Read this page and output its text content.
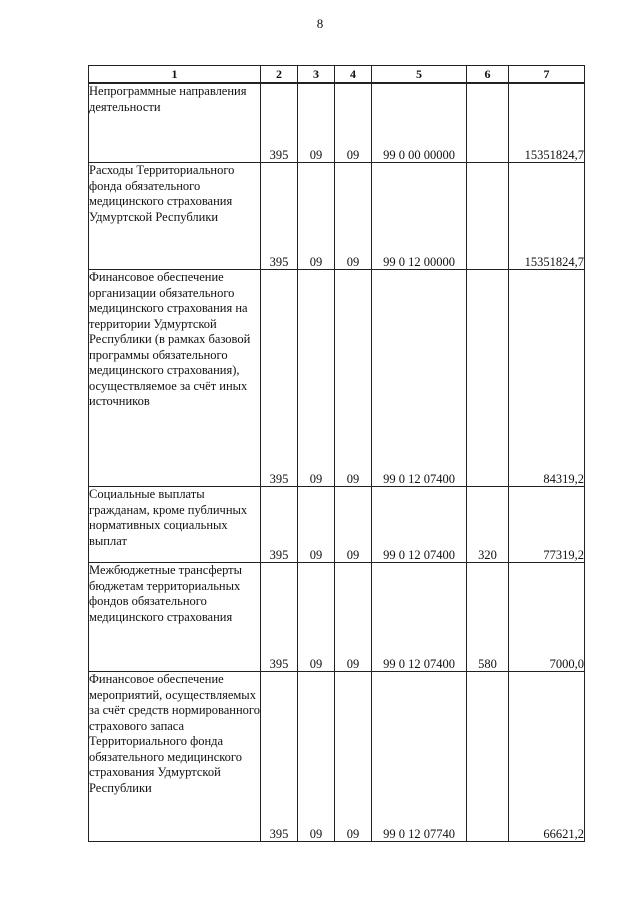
8
1	2	3	4	5	6	7
Непрограммные направления деятельности	395	09	09	99 0 00 00000		15351824,7
Расходы Территориального фонда обязательного медицинского страхования Удмуртской Республики	395	09	09	99 0 12 00000		15351824,7
Финансовое обеспечение организации обязательного медицинского страхования на территории Удмуртской Республики (в рамках базовой программы обязательного медицинского страхования), осуществляемое за счёт иных источников	395	09	09	99 0 12 07400		84319,2
Социальные выплаты гражданам, кроме публичных нормативных социальных выплат	395	09	09	99 0 12 07400	320	77319,2
Межбюджетные трансферты бюджетам территориальных фондов обязательного медицинского страхования	395	09	09	99 0 12 07400	580	7000,0
Финансовое обеспечение мероприятий, осуществляемых за счёт средств нормированного страхового запаса Территориального фонда обязательного медицинского страхования Удмуртской Республики	395	09	09	99 0 12 07740		66621,2
